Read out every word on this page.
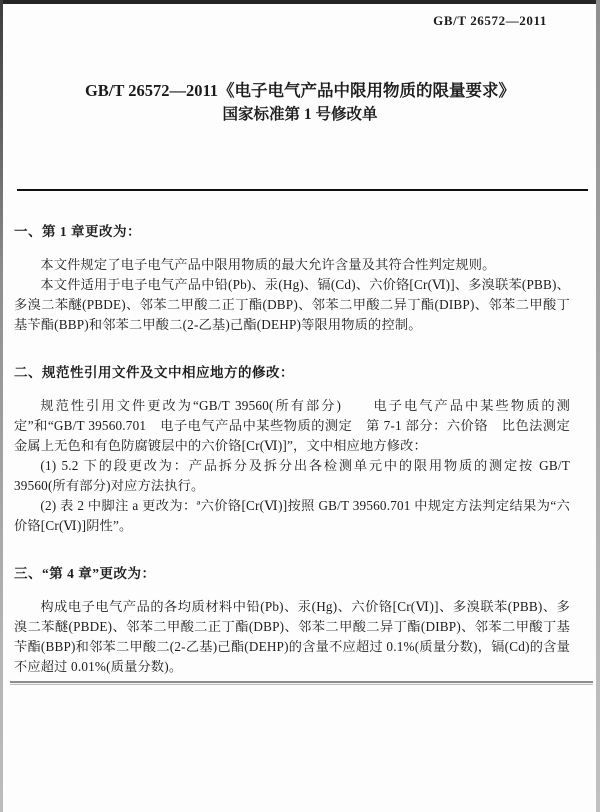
GB/T 26572—2011
GB/T 26572—2011《电子电气产品中限用物质的限量要求》
国家标准第 1 号修改单
一、第 1 章更改为：

本文件规定了电子电气产品中限用物质的最大允许含量及其符合性判定规则。

本文件适用于电子电气产品中铅(Pb)、汞(Hg)、镉(Cd)、六价铬[Cr(Ⅵ)]、多溴联苯(PBB)、多溴二苯醚(PBDE)、邻苯二甲酸二正丁酯(DBP)、邻苯二甲酸二异丁酯(DIBP)、邻苯二甲酸丁基苄酯(BBP)和邻苯二甲酸二(2-乙基)己酯(DEHP)等限用物质的控制。

二、规范性引用文件及文中相应地方的修改：

规范性引用文件更改为“GB/T 39560(所有部分)　　电子电气产品中某些物质的测定”和“GB/T 39560.701　电子电气产品中某些物质的测定　第 7-1 部分：六价铬　比色法测定金属上无色和有色防腐镀层中的六价铬[Cr(Ⅵ)]”，文中相应地方修改：

(1) 5.2 下的段更改为：产品拆分及拆分出各检测单元中的限用物质的测定按 GB/T 39560(所有部分)对应方法执行。

(2) 表 2 中脚注 a 更改为：ª六价铬[Cr(Ⅵ)]按照 GB/T 39560.701 中规定方法判定结果为“六价铬[Cr(Ⅵ)]阴性”。

三、“第 4 章”更改为：

构成电子电气产品的各均质材料中铅(Pb)、汞(Hg)、六价铬[Cr(Ⅵ)]、多溴联苯(PBB)、多溴二苯醚(PBDE)、邻苯二甲酸二正丁酯(DBP)、邻苯二甲酸二异丁酯(DIBP)、邻苯二甲酸丁基苄酯(BBP)和邻苯二甲酸二(2-乙基)己酯(DEHP)的含量不应超过 0.1%(质量分数)，镉(Cd)的含量不应超过 0.01%(质量分数)。
